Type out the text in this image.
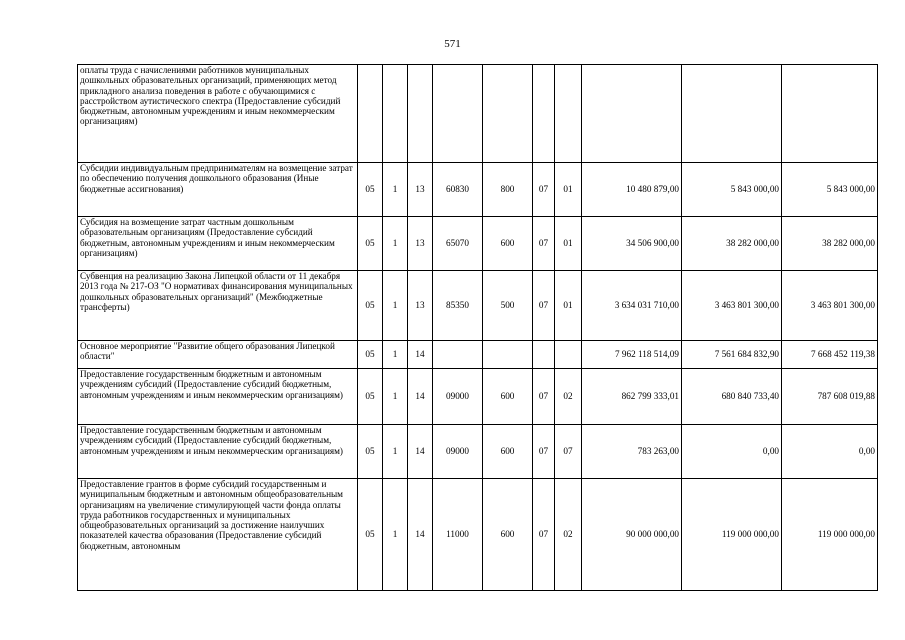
571
оплаты труда с начислениями работников муниципальных дошкольных образовательных организаций, применяющих метод прикладного анализа поведения в работе с обучающимися с расстройством аутистического спектра (Предоставление субсидий бюджетным, автономным учреждениям и иным некоммерческим организациям)										
Субсидии индивидуальным предпринимателям на возмещение затрат по обеспечению получения дошкольного образования (Иные бюджетные ассигнования)	05	1	13	60830	800	07	01	10 480 879,00	5 843 000,00	5 843 000,00
Субсидия на возмещение затрат частным дошкольным образовательным организациям (Предоставление субсидий бюджетным, автономным учреждениям и иным некоммерческим организациям)	05	1	13	65070	600	07	01	34 506 900,00	38 282 000,00	38 282 000,00
Субвенция на реализацию Закона Липецкой области от 11 декабря 2013 года № 217-ОЗ "О нормативах финансирования муниципальных дошкольных образовательных организаций" (Межбюджетные трансферты)	05	1	13	85350	500	07	01	3 634 031 710,00	3 463 801 300,00	3 463 801 300,00
Основное мероприятие "Развитие общего образования Липецкой области"	05	1	14					7 962 118 514,09	7 561 684 832,90	7 668 452 119,38
Предоставление государственным бюджетным и автономным учреждениям субсидий (Предоставление субсидий бюджетным, автономным учреждениям и иным некоммерческим организациям)	05	1	14	09000	600	07	02	862 799 333,01	680 840 733,40	787 608 019,88
Предоставление государственным бюджетным и автономным учреждениям субсидий (Предоставление субсидий бюджетным, автономным учреждениям и иным некоммерческим организациям)	05	1	14	09000	600	07	07	783 263,00	0,00	0,00
Предоставление грантов в форме субсидий государственным и муниципальным бюджетным и автономным общеобразовательным организациям на увеличение стимулирующей части фонда оплаты труда работников государственных и муниципальных общеобразовательных организаций за достижение наилучших показателей качества образования (Предоставление субсидий бюджетным, автономным	05	1	14	11000	600	07	02	90 000 000,00	119 000 000,00	119 000 000,00
